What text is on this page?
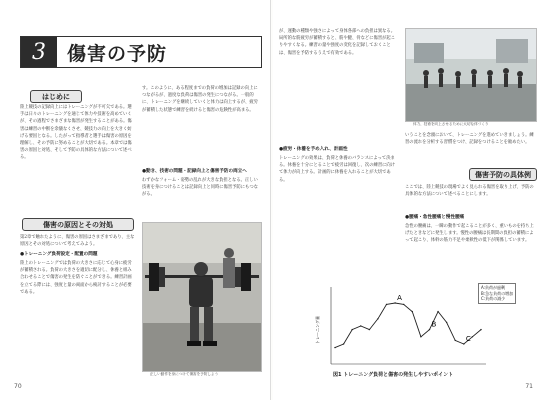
3	傷害の予防
はじめに
陸上競技の記録向上にはトレーニングが不可欠である。選手は日々のトレーニングを通じて体力や技術を高めていくが、その過程でさまざまな傷害が発生することがある。傷害は練習の中断を余儀なくさせ、競技力の向上を大きく妨げる要因となる。したがって指導者と選手は傷害の原因を理解し、その予防に努めることが大切である。本章では傷害の原因と対処、そして予防の具体的な方法について述べる。
傷害の原因とその対処
第2章で触れたように、傷害の原因はさまざまであり、主な原因とその対処について考えてみよう。
●トレーニング負荷設定・配置の問題
陸上のトレーニングでは負荷の大きさに応じて心身に疲労が蓄積される。負荷の大きさを適切に配分し、休養と組み合わせることで傷害の発生を防ぐことができる。練習計画を立てる際には、強度と量の両面から検討することが必要である。
す。このように、ある程度までの負荷の増加は記録の向上につながるが、過度な負荷は傷害の発生につながる。一般的に、トレーニングを継続していくと体力は向上するが、疲労が蓄積した状態で練習を続けると傷害の危険性が高まる。
●動き、技術の問題・記録向上と傷害予防の両立へ
わずかなフォーム・姿勢の乱れが大きな負担となる。正しい技術を身につけることは記録向上と同時に傷害予防にもつながる。
正しい動作を身につけて傷害を予防しよう
70
が、運動の種類や強さによって身体各部への負担は異なる。局所的な筋疲労が蓄積すると、筋や腱、骨などに傷害が起こりやすくなる。練習の量や強度の変化を記録しておくことは、傷害を予防するうえで有効である。
●疲労・休養を予め入れ、計画性
トレーニングの効果は、負荷と休養のバランスによって決まる。休養を十分にとることで疲労は回復し、次の練習に向けて体力が向上する。計画的に休養を入れることが大切である。
体力、技術を向上させるために大切な体づくり
いうことを念頭において、トレーニングを進めていきましょう。練習の流れを分析する習慣をつけ、記録をつけることを勧めたい。
傷害予防の具体例
ここでは、陸上競技の現場でよく見られる傷害を取り上げ、予防の具体的な方法について述べることにします。
●腰痛・急性腰痛と慢性腰痛
急性の腰痛は、一瞬の動作で起こることが多く、重いものを持ち上げたときなどに発生します。慢性の腰痛は長期間の負担の蓄積によって起こり、体幹の筋力不足や柔軟性の低下が関係しています。
トレーニング量
A
B
C
A:負荷が過剰
B:急な負荷の増加
C:負荷の減少
図1 トレーニング負荷と傷害の発生しやすいポイント
71
